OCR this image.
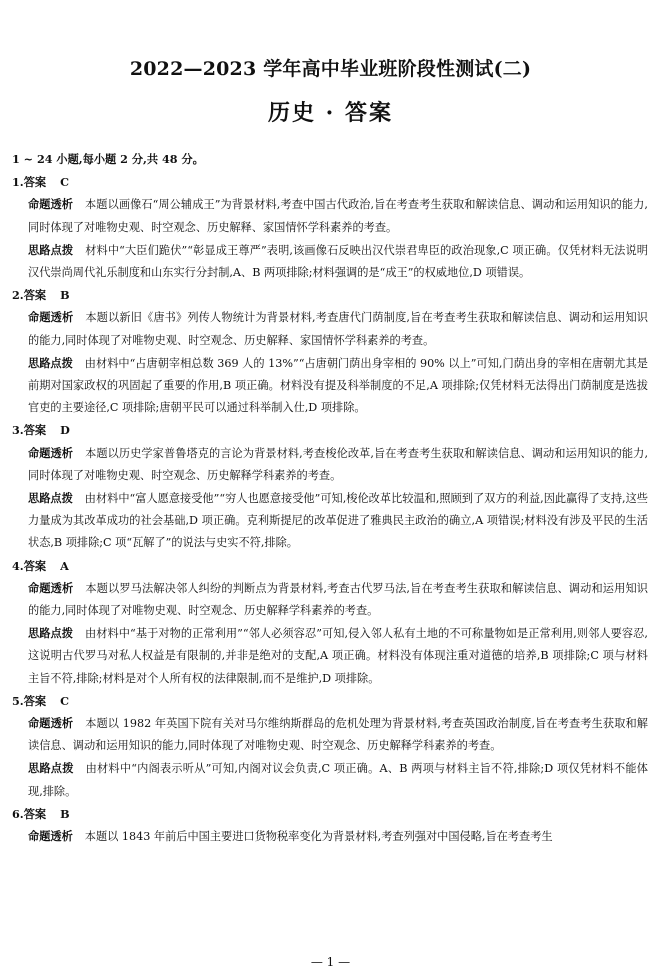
2022—2023 学年高中毕业班阶段性测试(二)
历史 · 答案

1 ~ 24 小题,每小题 2 分,共 48 分。

1.答案 C

命题透析 本题以画像石“周公辅成王”为背景材料,考查中国古代政治,旨在考查考生获取和解读信息、调动和运用知识的能力,同时体现了对唯物史观、时空观念、历史解释、家国情怀学科素养的考查。

思路点拨 材料中“大臣们跪伏”“彰显成王尊严”表明,该画像石反映出汉代崇君卑臣的政治现象,C 项正确。仅凭材料无法说明汉代崇尚周代礼乐制度和山东实行分封制,A、B 两项排除;材料强调的是“成王”的权威地位,D 项错误。

2.答案 B

命题透析 本题以新旧《唐书》列传人物统计为背景材料,考查唐代门荫制度,旨在考查考生获取和解读信息、调动和运用知识的能力,同时体现了对唯物史观、时空观念、历史解释、家国情怀学科素养的考查。

思路点拨 由材料中“占唐朝宰相总数 369 人的 13%”“占唐朝门荫出身宰相的 90% 以上”可知,门荫出身的宰相在唐朝尤其是前期对国家政权的巩固起了重要的作用,B 项正确。材料没有提及科举制度的不足,A 项排除;仅凭材料无法得出门荫制度是选拔官吏的主要途径,C 项排除;唐朝平民可以通过科举制入仕,D 项排除。

3.答案 D

命题透析 本题以历史学家普鲁塔克的言论为背景材料,考查梭伦改革,旨在考查考生获取和解读信息、调动和运用知识的能力,同时体现了对唯物史观、时空观念、历史解释学科素养的考查。

思路点拨 由材料中“富人愿意接受他”“穷人也愿意接受他”可知,梭伦改革比较温和,照顾到了双方的利益,因此赢得了支持,这些力量成为其改革成功的社会基础,D 项正确。克利斯提尼的改革促进了雅典民主政治的确立,A 项错误;材料没有涉及平民的生活状态,B 项排除;C 项“瓦解了”的说法与史实不符,排除。

4.答案 A

命题透析 本题以罗马法解决邻人纠纷的判断点为背景材料,考查古代罗马法,旨在考查考生获取和解读信息、调动和运用知识的能力,同时体现了对唯物史观、时空观念、历史解释学科素养的考查。

思路点拨 由材料中“基于对物的正常利用”“邻人必须容忍”可知,侵入邻人私有土地的不可称量物如是正常利用,则邻人要容忍,这说明古代罗马对私人权益是有限制的,并非是绝对的支配,A 项正确。材料没有体现注重对道德的培养,B 项排除;C 项与材料主旨不符,排除;材料是对个人所有权的法律限制,而不是维护,D 项排除。

5.答案 C

命题透析 本题以 1982 年英国下院有关对马尔维纳斯群岛的危机处理为背景材料,考查英国政治制度,旨在考查考生获取和解读信息、调动和运用知识的能力,同时体现了对唯物史观、时空观念、历史解释学科素养的考查。

思路点拨 由材料中“内阁表示听从”可知,内阁对议会负责,C 项正确。A、B 两项与材料主旨不符,排除;D 项仅凭材料不能体现,排除。

6.答案 B

命题透析 本题以 1843 年前后中国主要进口货物税率变化为背景材料,考查列强对中国侵略,旨在考查考生

— 1 —
